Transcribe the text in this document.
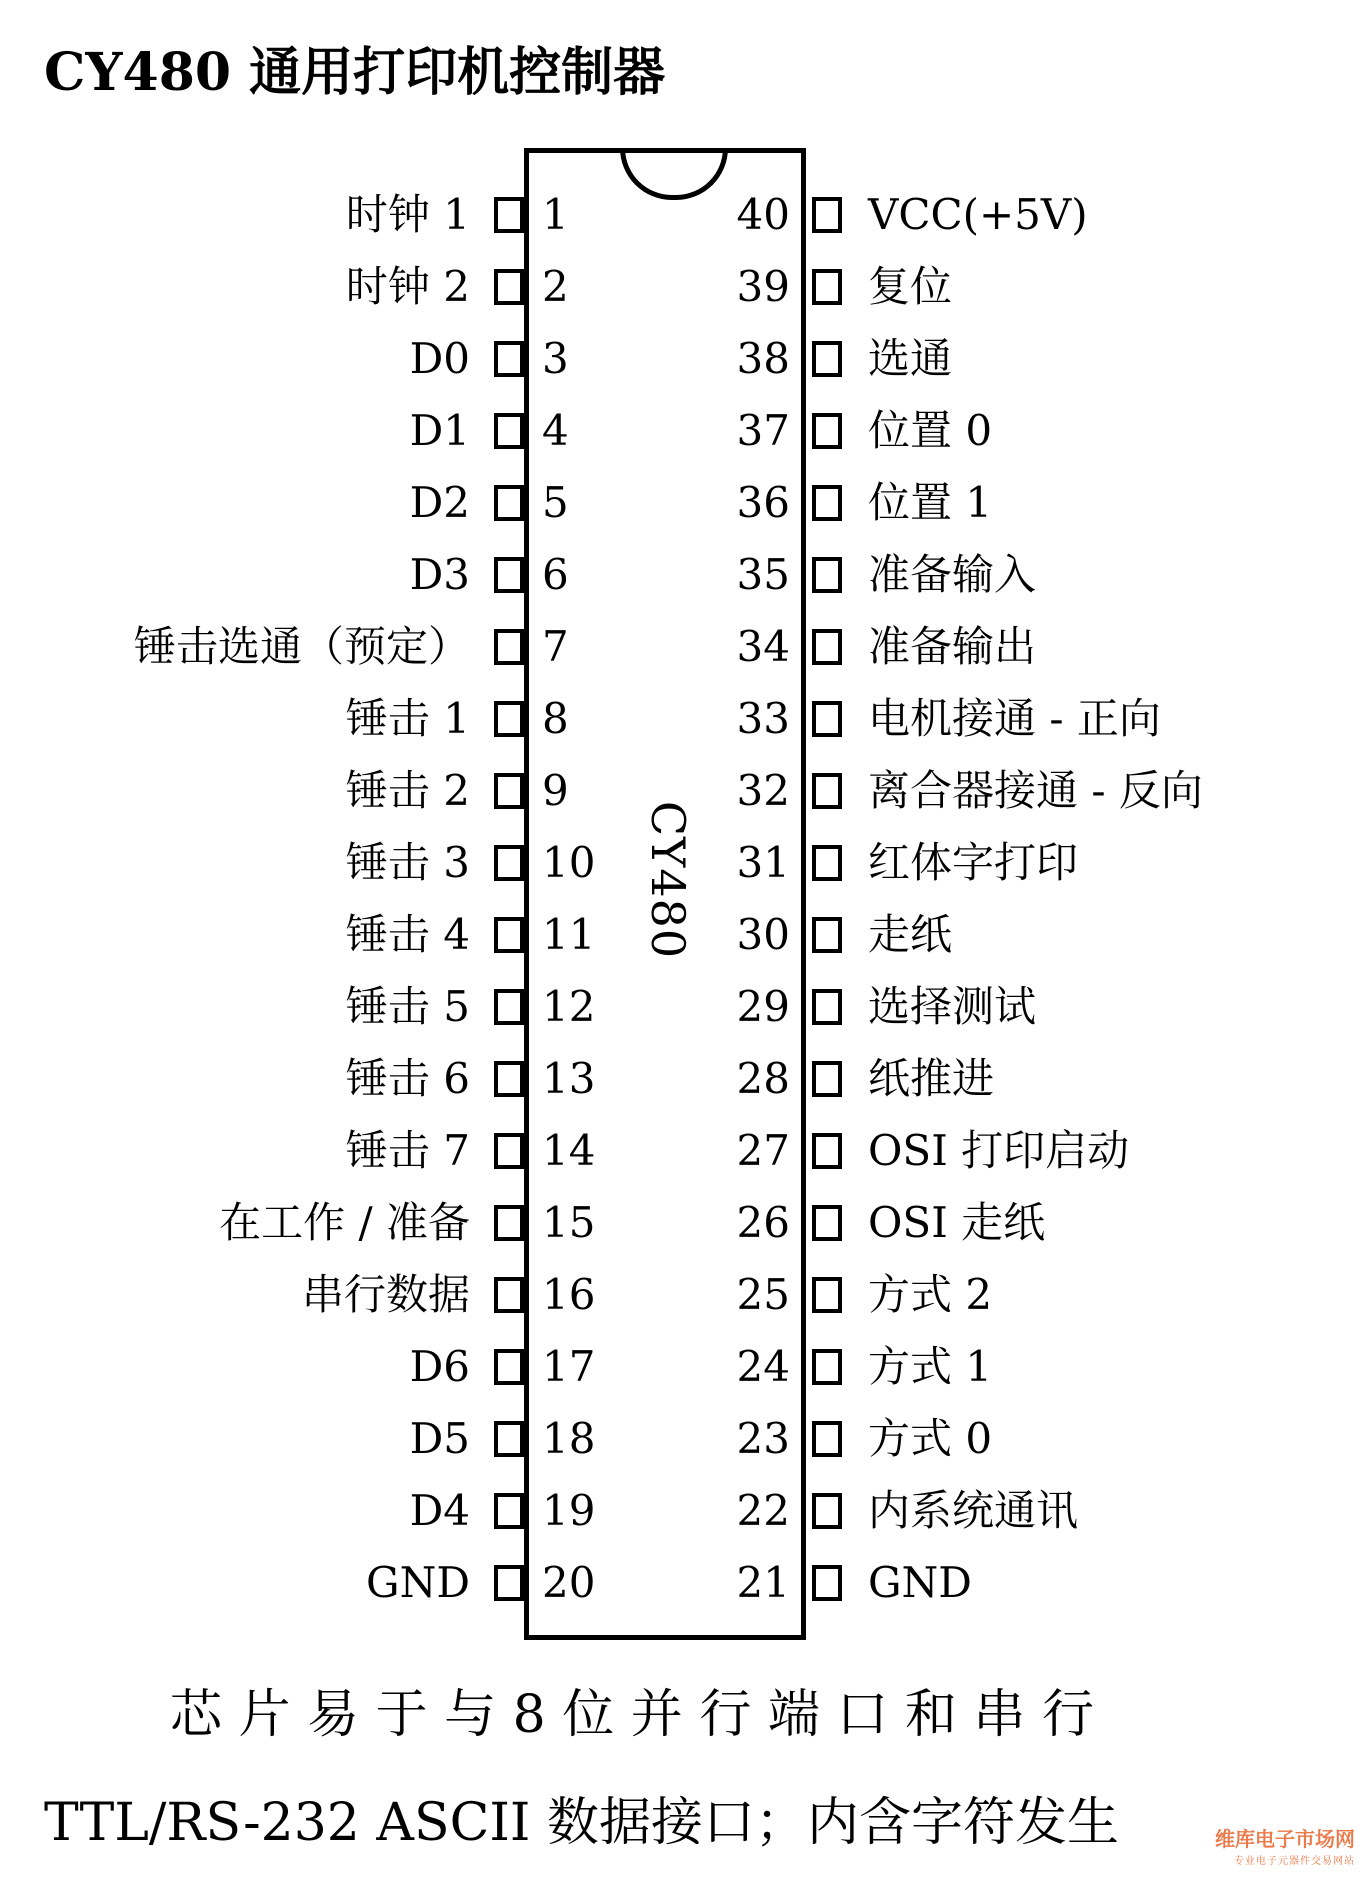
CY480 通用打印机控制器
CY480
1
时钟 1
2
时钟 2
3
D0
4
D1
5
D2
6
D3
7
锤击选通（预定）
8
锤击 1
9
锤击 2
10
锤击 3
11
锤击 4
12
锤击 5
13
锤击 6
14
锤击 7
15
在工作 / 准备
16
串行数据
17
D6
18
D5
19
D4
20
GND
40 VCC(+5V)
39 复位
38 选通
37 位置 0
36 位置 1
35 准备输入
34 准备输出
33 电机接通 - 正向
32 离合器接通 - 反向
31 红体字打印
30 走纸
29 选择测试
28 纸推进
27 OSI 打印启动
26 OSI 走纸
25 方式 2
24 方式 1
23 方式 0
22 内系统通讯
21 GND
芯 片 易 于 与 8 位 并 行 端 口 和 串 行
TTL/RS-232 ASCII 数据接口；内含字符发生	维库电子市场网
专业电子元器件交易网站
